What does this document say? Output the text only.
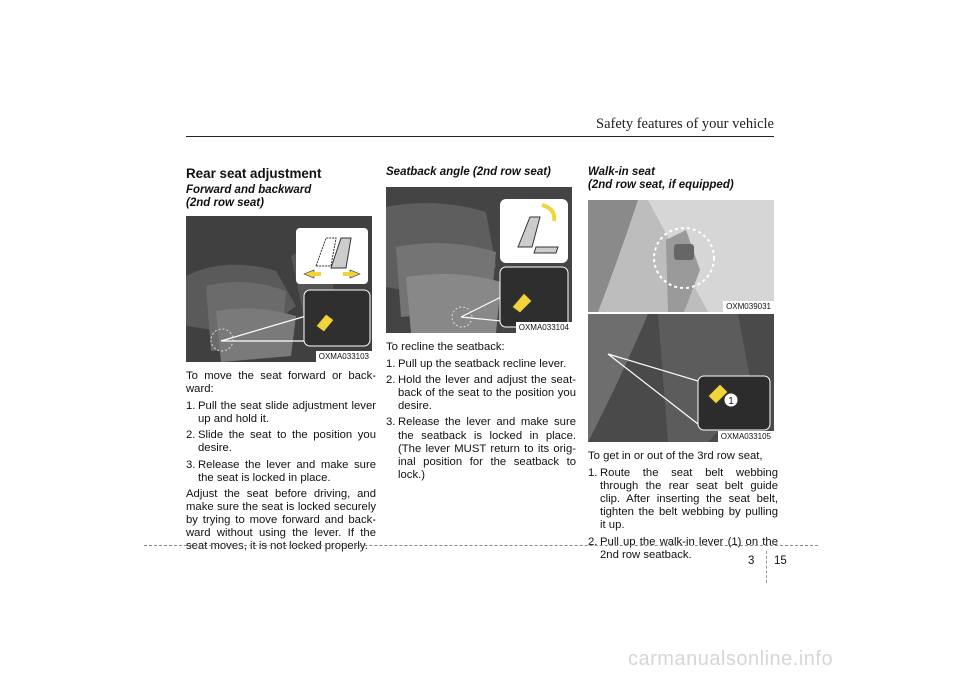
Safety features of your vehicle
Rear seat adjustment
Forward and backward
(2nd row seat)
OXMA033103

To move the seat forward or back- ward:

1. Pull the seat slide adjustment lever up and hold it.
2. Slide the seat to the position you desire.
3. Release the lever and make sure the seat is locked in place.

Adjust the seat before driving, and make sure the seat is locked securely by trying to move forward and back- ward without using the lever. If the seat moves, it is not locked properly.

Seatback angle (2nd row seat)
OXMA033104

To recline the seatback:

1. Pull up the seatback recline lever.
2. Hold the lever and adjust the seat- back of the seat to the position you desire.
3. Release the lever and make sure the seatback is locked in place. (The lever MUST return to its orig- inal position for the seatback to lock.)
Walk-in seat
(2nd row seat, if equipped)
OXM039031
1
OXMA033105

To get in or out of the 3rd row seat,

1. Route the seat belt webbing through the rear seat belt guide clip. After inserting the seat belt, tighten the belt webbing by pulling it up.
2. Pull up the walk-in lever (1) on the 2nd row seatback.
3 15
carmanualsonline.info
